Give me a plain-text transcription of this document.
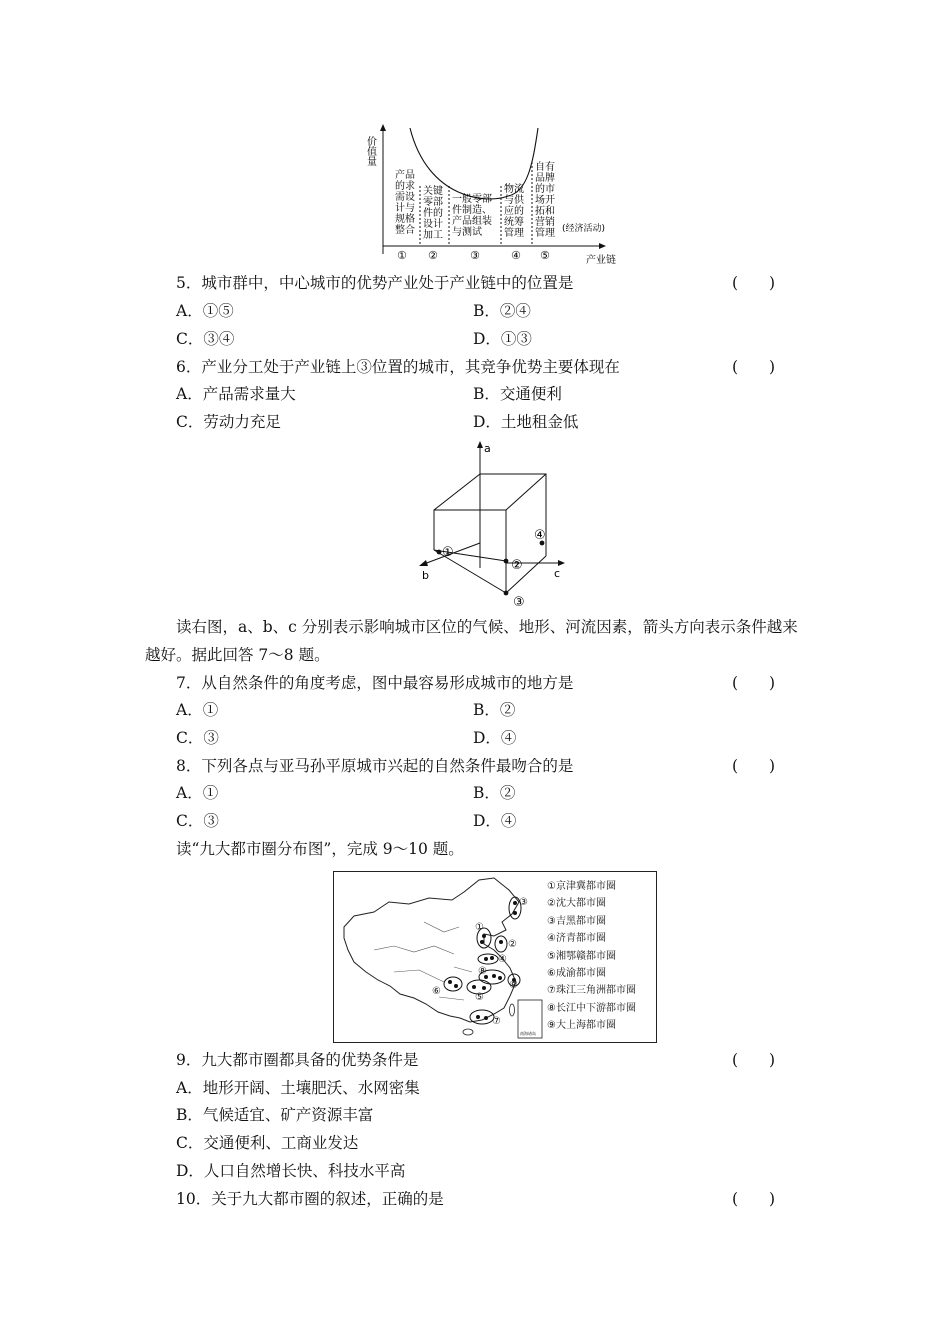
价值量
产业链
(经济活动)
① ②	③	④ ⑤
产品
的求
需设
计与
规格
整合
关键
零部
件的
设计
加工
一般零部
件制造、
产品组装
与测试
物流
与供
应的
统筹
管理
自有
品牌
的市
场开
拓和
营销
管理
5．城市群中，中心城市的优势产业处于产业链中的位置是	(　　)
A．①⑤	B．②④
C．③④	D．①③
6．产业分工处于产业链上③位置的城市，其竞争优势主要体现在	(　　)
A．产品需求量大	B．交通便利
C．劳动力充足	D．土地租金低
a
b	c
①
②
③
④
读右图，a、b、c 分别表示影响城市区位的气候、地形、河流因素，箭头方向表示条件越来
越好。据此回答 7～8 题。
7．从自然条件的角度考虑，图中最容易形成城市的地方是	(　　)
A．①	B．②
C．③	D．④
8．下列各点与亚马孙平原城市兴起的自然条件最吻合的是	(　　)
A．①	B．②
C．③	D．④
读“九大都市圈分布图”，完成 9～10 题。
南海诸岛
①
②
③
④
⑤
⑥
⑦
⑧
⑨
①京津冀都市圈
②沈大都市圈
③吉黑都市圈
④济青都市圈
⑤湘鄂赣都市圈
⑥成渝都市圈
⑦珠江三角洲都市圈
⑧长江中下游都市圈
⑨大上海都市圈
9．九大都市圈都具备的优势条件是	(　　)
A．地形开阔、土壤肥沃、水网密集
B．气候适宜、矿产资源丰富
C．交通便利、工商业发达
D．人口自然增长快、科技水平高
10．关于九大都市圈的叙述，正确的是	(　　)
